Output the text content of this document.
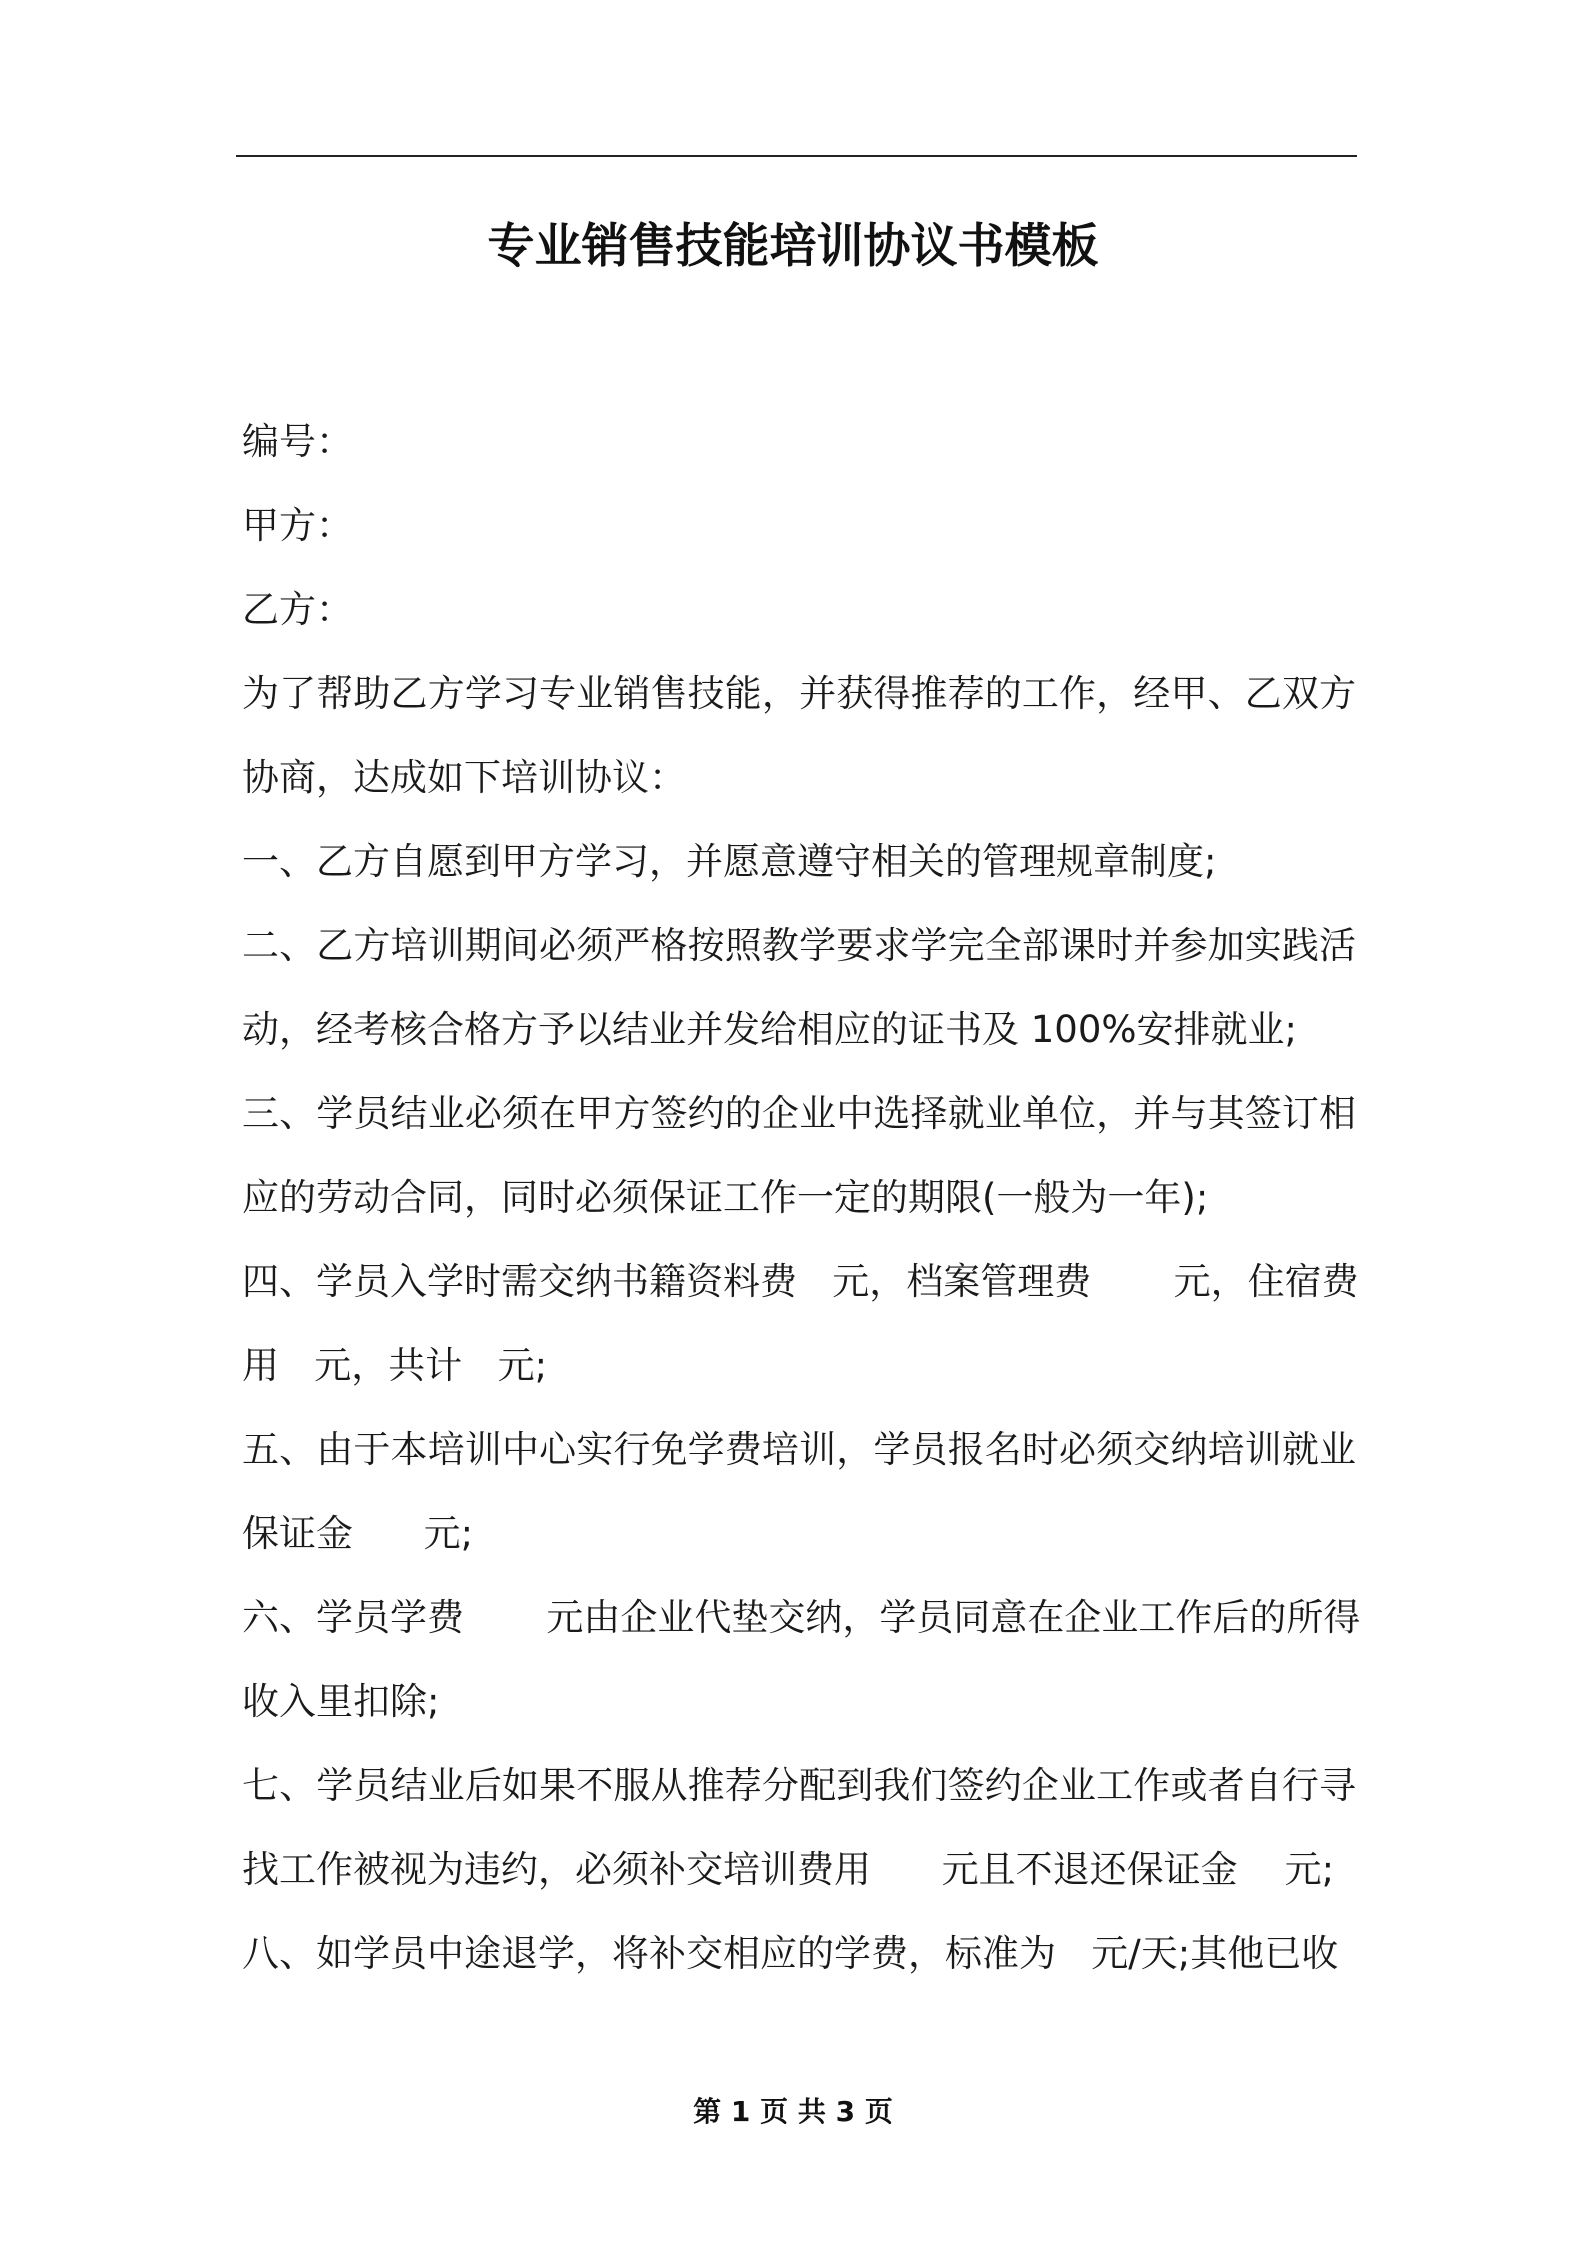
专业销售技能培训协议书模板
编号：
甲方：
乙方：
为了帮助乙方学习专业销售技能，并获得推荐的工作，经甲、乙双方
协商，达成如下培训协议：
一、乙方自愿到甲方学习，并愿意遵守相关的管理规章制度;
二、乙方培训期间必须严格按照教学要求学完全部课时并参加实践活
动，经考核合格方予以结业并发给相应的证书及 100%安排就业;
三、学员结业必须在甲方签约的企业中选择就业单位，并与其签订相
应的劳动合同，同时必须保证工作一定的期限(一般为一年);
四、学员入学时需交纳书籍资料费   元，档案管理费       元，住宿费
用   元，共计   元;
五、由于本培训中心实行免学费培训，学员报名时必须交纳培训就业
保证金      元;
六、学员学费       元由企业代垫交纳，学员同意在企业工作后的所得
收入里扣除;
七、学员结业后如果不服从推荐分配到我们签约企业工作或者自行寻
找工作被视为违约，必须补交培训费用      元且不退还保证金    元;
八、如学员中途退学，将补交相应的学费，标准为   元/天;其他已收
第 1 页 共 3 页
